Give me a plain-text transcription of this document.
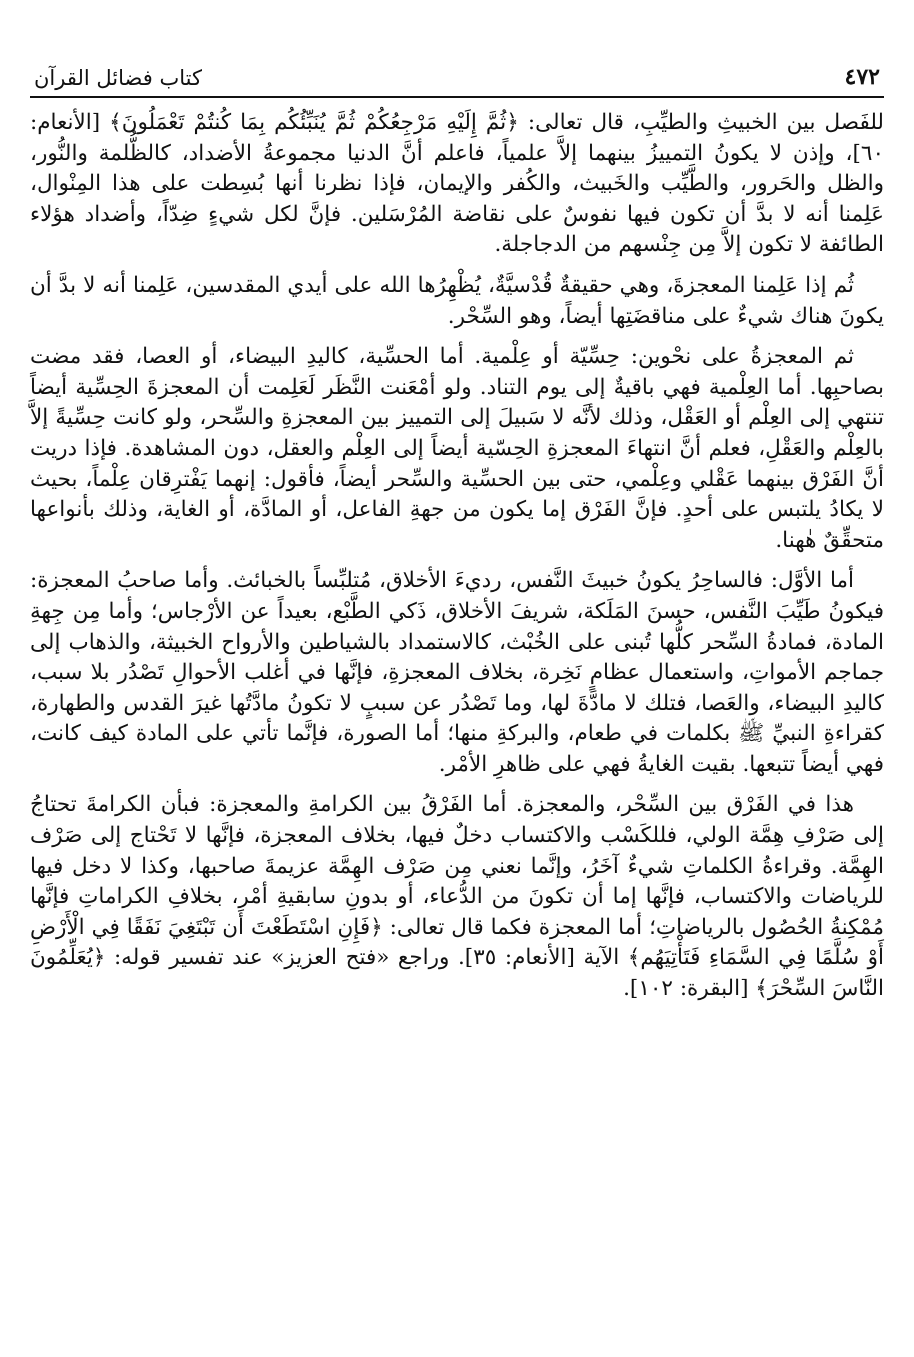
٤٧٢
كتاب فضائل القرآن

للفَصل بين الخبيثِ والطيِّبِ، قال تعالى: ﴿ثُمَّ إِلَيْهِ مَرْجِعُكُمْ ثُمَّ يُنَبِّئُكُم بِمَا كُنتُمْ تَعْمَلُونَ﴾ [الأنعام: ٦٠]، وإذن لا يكونُ التمييزُ بينهما إلاَّ علمياً، فاعلم أنَّ الدنيا مجموعةُ الأضداد، كالظُّلمة والنُّور، والظل والحَرور، والطَّيِّب والخَبيث، والكُفر والإيمان، فإذا نظرنا أنها بُسِطت على هذا المِنْوال، عَلِمنا أنه لا بدَّ أن تكون فيها نفوسٌ على نقاضة المُرْسَلين. فإنَّ لكل شيءٍ ضِدّاً، وأضداد هؤلاء الطائفة لا تكون إلاَّ مِن جِنْسهم من الدجاجلة.

ثُم إذا عَلِمنا المعجزةَ، وهي حقيقةٌ قُدْسيَّةٌ، يُظْهِرُها الله على أيدي المقدسين، عَلِمنا أنه لا بدَّ أن يكونَ هناك شيءٌ على مناقضَتِها أيضاً، وهو السِّحْر.

ثم المعجزةُ على نحْوين: حِسِّيّة أو عِلْمية. أما الحسِّية، كاليدِ البيضاء، أو العصا، فقد مضت بصاحبِها. أما العِلْمية فهي باقيةٌ إلى يوم التناد. ولو أمْعَنت النَّظَر لَعَلِمت أن المعجزةَ الحِسِّية أيضاً تنتهي إلى العِلْم أو العَقْل، وذلك لأنَّه لا سَبيلَ إلى التمييز بين المعجزةِ والسِّحر، ولو كانت حِسِّيةً إلاَّ بالعِلْم والعَقْلِ، فعلم أنَّ انتهاءَ المعجزةِ الحِسّية أيضاً إلى العِلْم والعقل، دون المشاهدة. فإذا دريت أنَّ الفَرْق بينهما عَقْلي وعِلْمي، حتى بين الحسِّية والسِّحر أيضاً، فأقول: إنهما يَفْترِقان عِلْماً، بحيث لا يكادُ يلتبس على أحدٍ. فإنَّ الفَرْق إما يكون من جهةِ الفاعل، أو المادَّة، أو الغاية، وذلك بأنواعها متحقِّقٌ هٰهنا.

أما الأوَّل: فالساحِرُ يكونُ خبيثَ النَّفس، رديءَ الأخلاق، مُتلبِّساً بالخبائث. وأما صاحبُ المعجزة: فيكونُ طَيِّبَ النَّفس، حسنَ المَلَكة، شريفَ الأخلاق، ذَكي الطَّبْع، بعيداً عن الأرْجاس؛ وأما مِن جِهةِ المادة، فمادةُ السِّحر كلُّها تُبنى على الخُبْث، كالاستمداد بالشياطين والأرواح الخبيثة، والذهاب إلى جماجم الأمواتِ، واستعمال عظامٍ نَخِرة، بخلاف المعجزةِ، فإنَّها في أغلب الأحوالِ تَصْدُر بلا سبب، كاليدِ البيضاء، والعَصا، فتلك لا مادَّةَ لها، وما تَصْدُر عن سببٍ لا تكونُ مادَّتُها غيرَ القدس والطهارة، كقراءةِ النبيِّ ﷺ بكلمات في طعام، والبركةِ منها؛ أما الصورة، فإنَّما تأتي على المادة كيف كانت، فهي أيضاً تتبعها. بقيت الغايةُ فهي على ظاهرِ الأمْر.

هذا في الفَرْق بين السِّحْر، والمعجزة. أما الفَرْقُ بين الكرامةِ والمعجزة: فبأن الكرامةَ تحتاجُ إلى صَرْفِ هِمَّة الولي، فللكَسْب والاكتساب دخلٌ فيها، بخلاف المعجزة، فإنَّها لا تَحْتاج إلى صَرْف الهِمَّة. وقراءةُ الكلماتِ شيءٌ آخَرُ، وإنَّما نعني مِن صَرْف الهِمَّة عزيمةَ صاحبها، وكذا لا دخل فيها للرياضات والاكتساب، فإنَّها إما أن تكونَ من الدُّعاء، أو بدونِ سابقيةِ أمْر، بخلافِ الكراماتِ فإنَّها مُمْكِنةُ الحُصُول بالرياضاتِ؛ أما المعجزة فكما قال تعالى: ﴿فَإِنِ اسْتَطَعْتَ أَن تَبْتَغِيَ نَفَقًا فِي الْأَرْضِ أَوْ سُلَّمًا فِي السَّمَاءِ فَتَأْتِيَهُم﴾ الآية [الأنعام: ٣٥]. وراجع «فتح العزيز» عند تفسير قوله: ﴿يُعَلِّمُونَ النَّاسَ السِّحْرَ﴾ [البقرة: ١٠٢].
